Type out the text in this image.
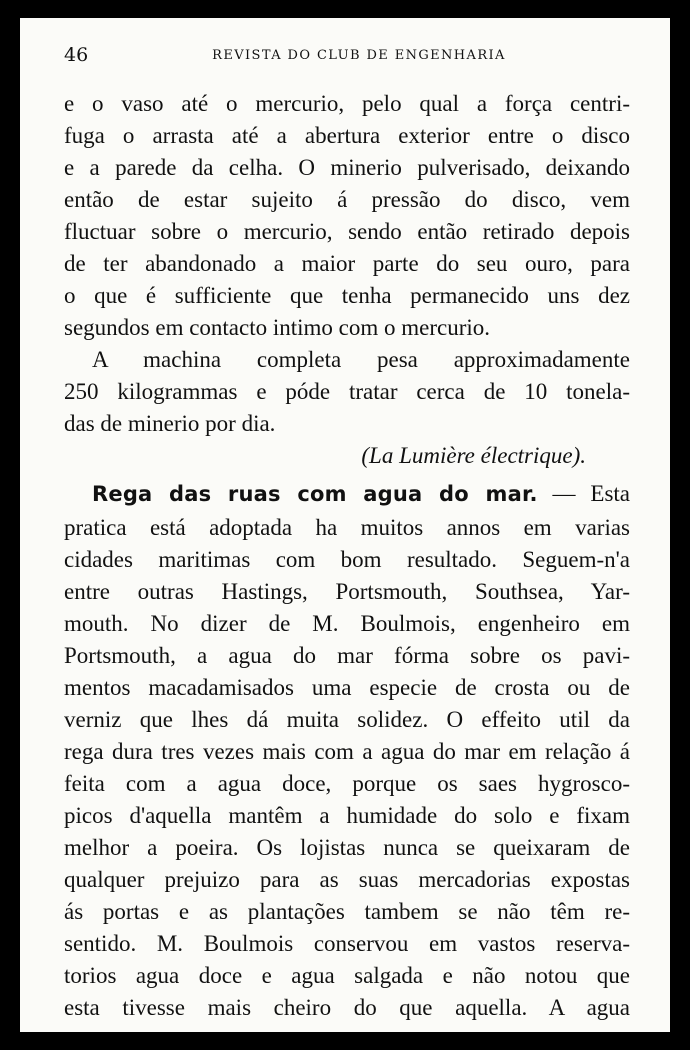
46	REVISTA DO CLUB DE ENGENHARIA
e o vaso até o mercurio, pelo qual a força centri-
fuga o arrasta até a abertura exterior entre o disco
e a parede da celha. O minerio pulverisado, deixando
então de estar sujeito á pressão do disco, vem
fluctuar sobre o mercurio, sendo então retirado depois
de ter abandonado a maior parte do seu ouro, para
o que é sufficiente que tenha permanecido uns dez
segundos em contacto intimo com o mercurio.
A machina completa pesa approximadamente
250 kilogrammas e póde tratar cerca de 10 tonela-
das de minerio por dia.
(La Lumière électrique).
Rega das ruas com agua do mar. — Esta
pratica está adoptada ha muitos annos em varias
cidades maritimas com bom resultado. Seguem-n'a
entre outras Hastings, Portsmouth, Southsea, Yar-
mouth. No dizer de M. Boulmois, engenheiro em
Portsmouth, a agua do mar fórma sobre os pavi-
mentos macadamisados uma especie de crosta ou de
verniz que lhes dá muita solidez. O effeito util da
rega dura tres vezes mais com a agua do mar em relação á
feita com a agua doce, porque os saes hygrosco-
picos d'aquella mantêm a humidade do solo e fixam
melhor a poeira. Os lojistas nunca se queixaram de
qualquer prejuizo para as suas mercadorias expostas
ás portas e as plantações tambem se não têm re-
sentido. M. Boulmois conservou em vastos reserva-
torios agua doce e agua salgada e não notou que
esta tivesse mais cheiro do que aquella. A agua
